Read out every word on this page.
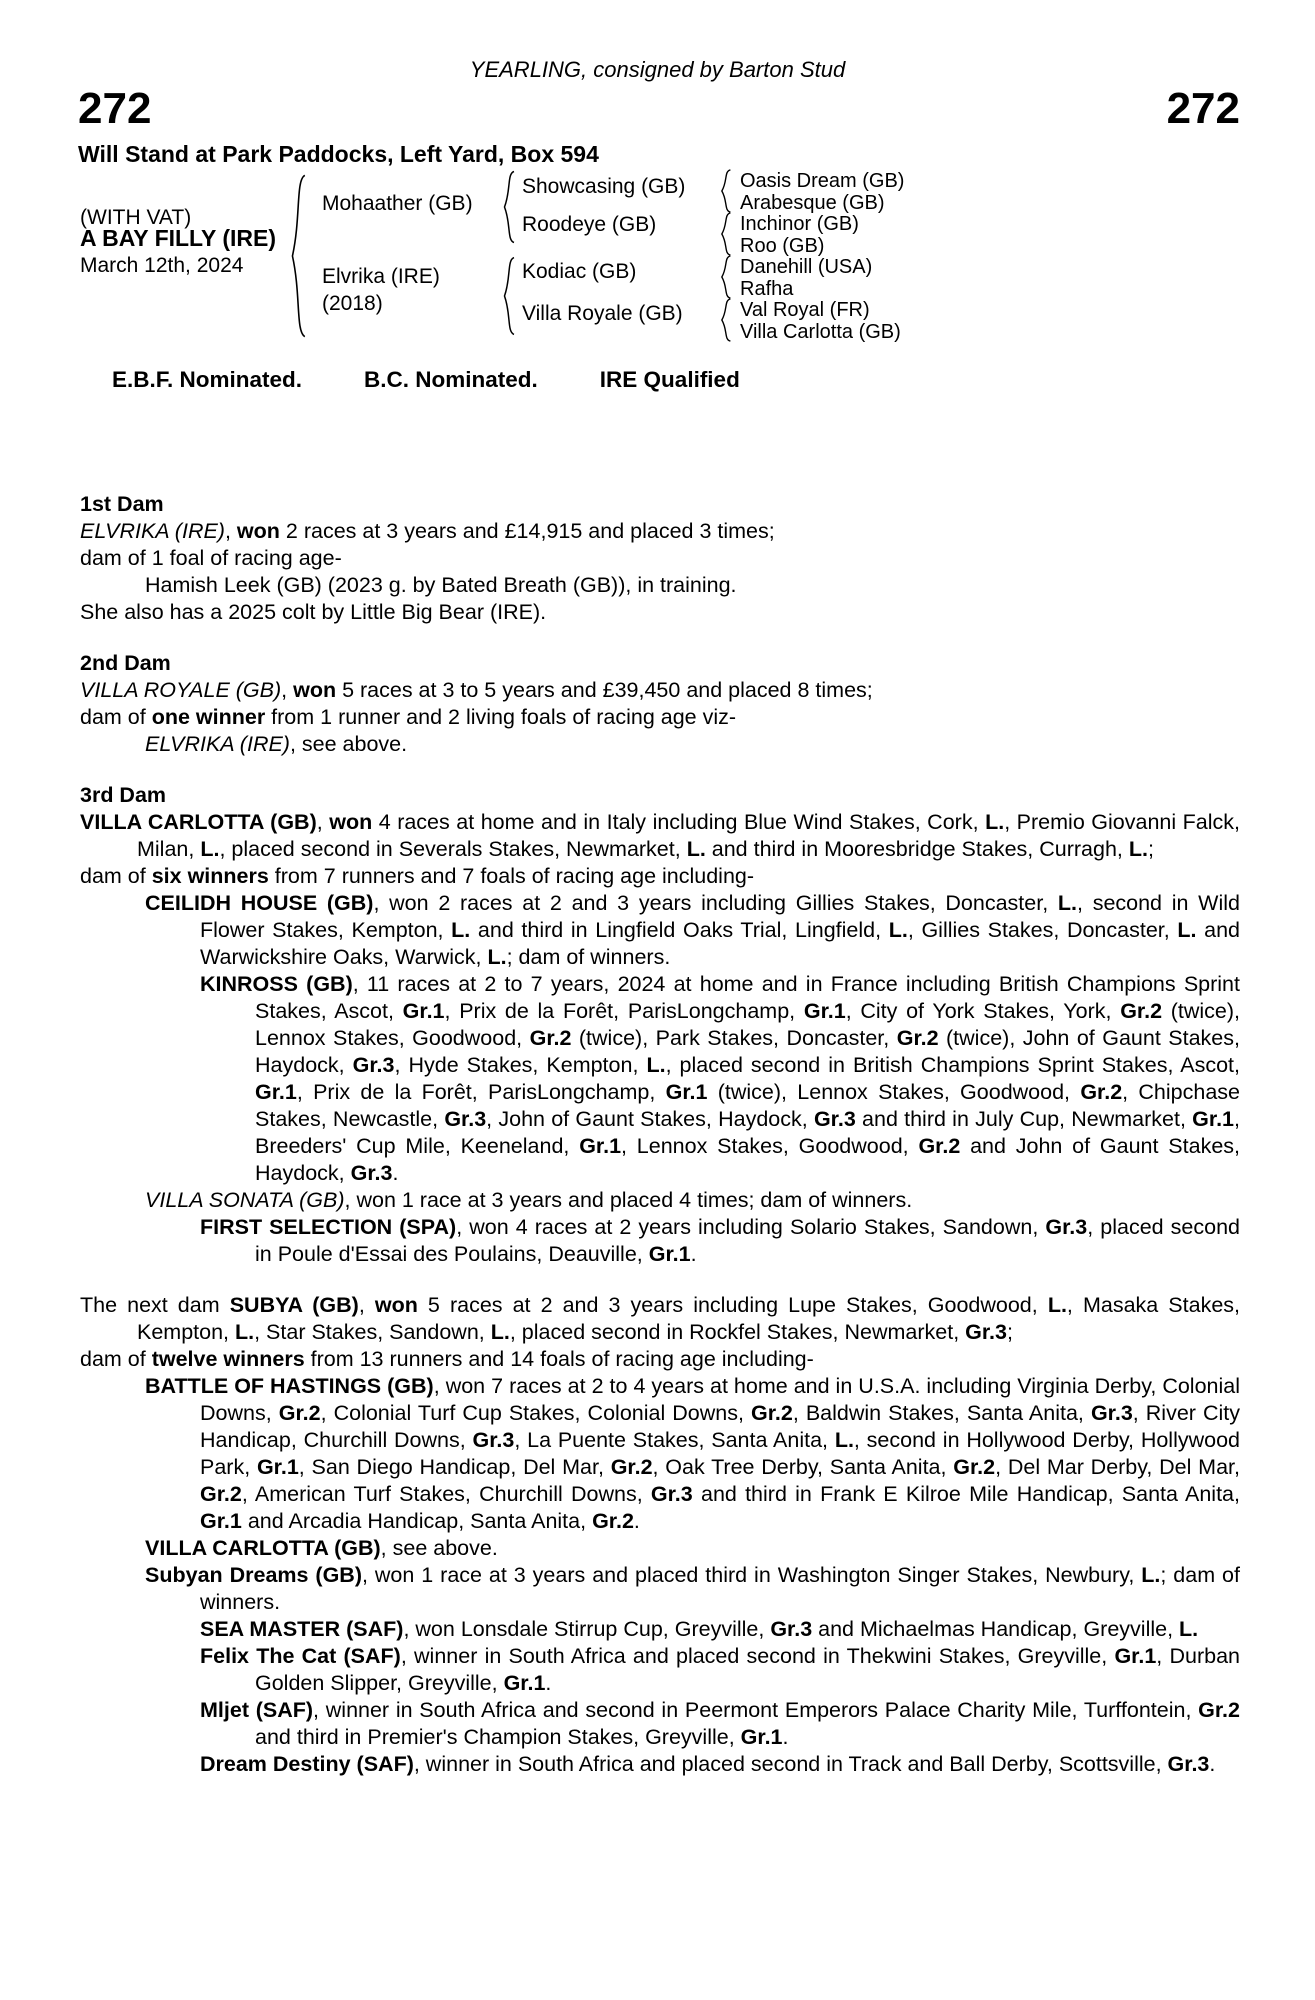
YEARLING, consigned by Barton Stud
272	272
Will Stand at Park Paddocks, Left Yard, Box 594
(WITH VAT)
A BAY FILLY (IRE)
March 12th, 2024
Mohaather (GB)
Elvrika (IRE)
(2018)
Showcasing (GB)
Roodeye (GB)
Kodiac (GB)
Villa Royale (GB)
Oasis Dream (GB)
Arabesque (GB)
Inchinor (GB)
Roo (GB)
Danehill (USA)
Rafha
Val Royal (FR)
Villa Carlotta (GB)
E.B.F. Nominated.	B.C. Nominated.	IRE Qualified
1st Dam

ELVRIKA (IRE), won 2 races at 3 years and £14,915 and placed 3 times;

dam of 1 foal of racing age-

Hamish Leek (GB) (2023 g. by Bated Breath (GB)), in training.

She also has a 2025 colt by Little Big Bear (IRE).

2nd Dam

VILLA ROYALE (GB), won 5 races at 3 to 5 years and £39,450 and placed 8 times;

dam of one winner from 1 runner and 2 living foals of racing age viz-

ELVRIKA (IRE), see above.

3rd Dam

VILLA CARLOTTA (GB), won 4 races at home and in Italy including Blue Wind Stakes, Cork, L., Premio Giovanni Falck, Milan, L., placed second in Severals Stakes, Newmarket, L. and third in Mooresbridge Stakes, Curragh, L.;

dam of six winners from 7 runners and 7 foals of racing age including-

CEILIDH HOUSE (GB), won 2 races at 2 and 3 years including Gillies Stakes, Doncaster, L., second in Wild Flower Stakes, Kempton, L. and third in Lingfield Oaks Trial, Lingfield, L., Gillies Stakes, Doncaster, L. and Warwickshire Oaks, Warwick, L.; dam of winners.

KINROSS (GB), 11 races at 2 to 7 years, 2024 at home and in France including British Champions Sprint Stakes, Ascot, Gr.1, Prix de la Forêt, ParisLongchamp, Gr.1, City of York Stakes, York, Gr.2 (twice), Lennox Stakes, Goodwood, Gr.2 (twice), Park Stakes, Doncaster, Gr.2 (twice), John of Gaunt Stakes, Haydock, Gr.3, Hyde Stakes, Kempton, L., placed second in British Champions Sprint Stakes, Ascot, Gr.1, Prix de la Forêt, ParisLongchamp, Gr.1 (twice), Lennox Stakes, Goodwood, Gr.2, Chipchase Stakes, Newcastle, Gr.3, John of Gaunt Stakes, Haydock, Gr.3 and third in July Cup, Newmarket, Gr.1, Breeders' Cup Mile, Keeneland, Gr.1, Lennox Stakes, Goodwood, Gr.2 and John of Gaunt Stakes, Haydock, Gr.3.

VILLA SONATA (GB), won 1 race at 3 years and placed 4 times; dam of winners.

FIRST SELECTION (SPA), won 4 races at 2 years including Solario Stakes, Sandown, Gr.3, placed second in Poule d'Essai des Poulains, Deauville, Gr.1.

The next dam SUBYA (GB), won 5 races at 2 and 3 years including Lupe Stakes, Goodwood, L., Masaka Stakes, Kempton, L., Star Stakes, Sandown, L., placed second in Rockfel Stakes, Newmarket, Gr.3;

dam of twelve winners from 13 runners and 14 foals of racing age including-

BATTLE OF HASTINGS (GB), won 7 races at 2 to 4 years at home and in U.S.A. including Virginia Derby, Colonial Downs, Gr.2, Colonial Turf Cup Stakes, Colonial Downs, Gr.2, Baldwin Stakes, Santa Anita, Gr.3, River City Handicap, Churchill Downs, Gr.3, La Puente Stakes, Santa Anita, L., second in Hollywood Derby, Hollywood Park, Gr.1, San Diego Handicap, Del Mar, Gr.2, Oak Tree Derby, Santa Anita, Gr.2, Del Mar Derby, Del Mar, Gr.2, American Turf Stakes, Churchill Downs, Gr.3 and third in Frank E Kilroe Mile Handicap, Santa Anita, Gr.1 and Arcadia Handicap, Santa Anita, Gr.2.

VILLA CARLOTTA (GB), see above.

Subyan Dreams (GB), won 1 race at 3 years and placed third in Washington Singer Stakes, Newbury, L.; dam of winners.

SEA MASTER (SAF), won Lonsdale Stirrup Cup, Greyville, Gr.3 and Michaelmas Handicap, Greyville, L.

Felix The Cat (SAF), winner in South Africa and placed second in Thekwini Stakes, Greyville, Gr.1, Durban Golden Slipper, Greyville, Gr.1.

Mljet (SAF), winner in South Africa and second in Peermont Emperors Palace Charity Mile, Turffontein, Gr.2 and third in Premier's Champion Stakes, Greyville, Gr.1.

Dream Destiny (SAF), winner in South Africa and placed second in Track and Ball Derby, Scottsville, Gr.3.
